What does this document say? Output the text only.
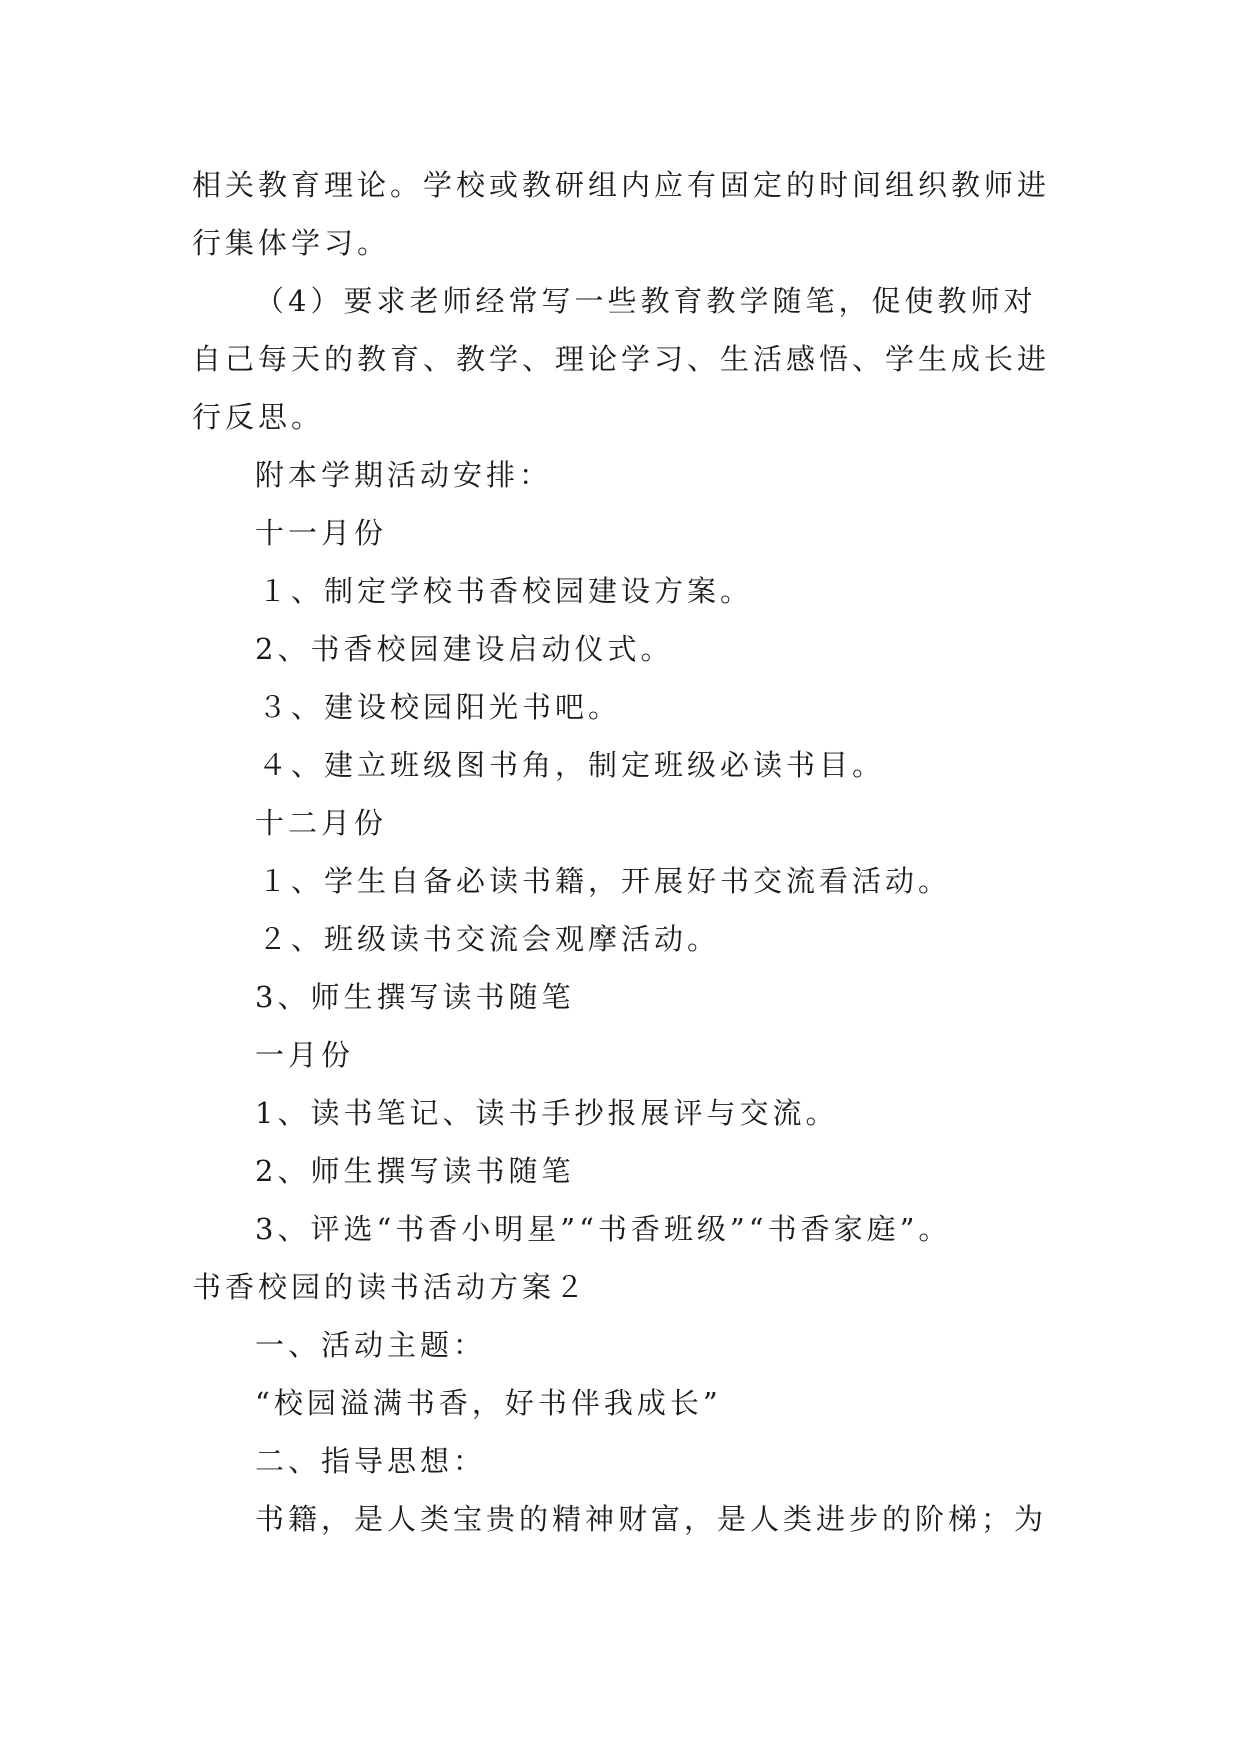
相关教育理论。学校或教研组内应有固定的时间组织教师进
行集体学习。
（4）要求老师经常写一些教育教学随笔，促使教师对
自己每天的教育、教学、理论学习、生活感悟、学生成长进
行反思。
附本学期活动安排：
十一月份
１、制定学校书香校园建设方案。
2、书香校园建设启动仪式。
３、建设校园阳光书吧。
４、建立班级图书角，制定班级必读书目。
十二月份
１、学生自备必读书籍，开展好书交流看活动。
２、班级读书交流会观摩活动。
3、师生撰写读书随笔
一月份
1、读书笔记、读书手抄报展评与交流。
2、师生撰写读书随笔
3、评选“书香小明星”“书香班级”“书香家庭”。
书香校园的读书活动方案２
一、活动主题：
“校园溢满书香，好书伴我成长”
二、指导思想：
书籍，是人类宝贵的精神财富，是人类进步的阶梯；为
